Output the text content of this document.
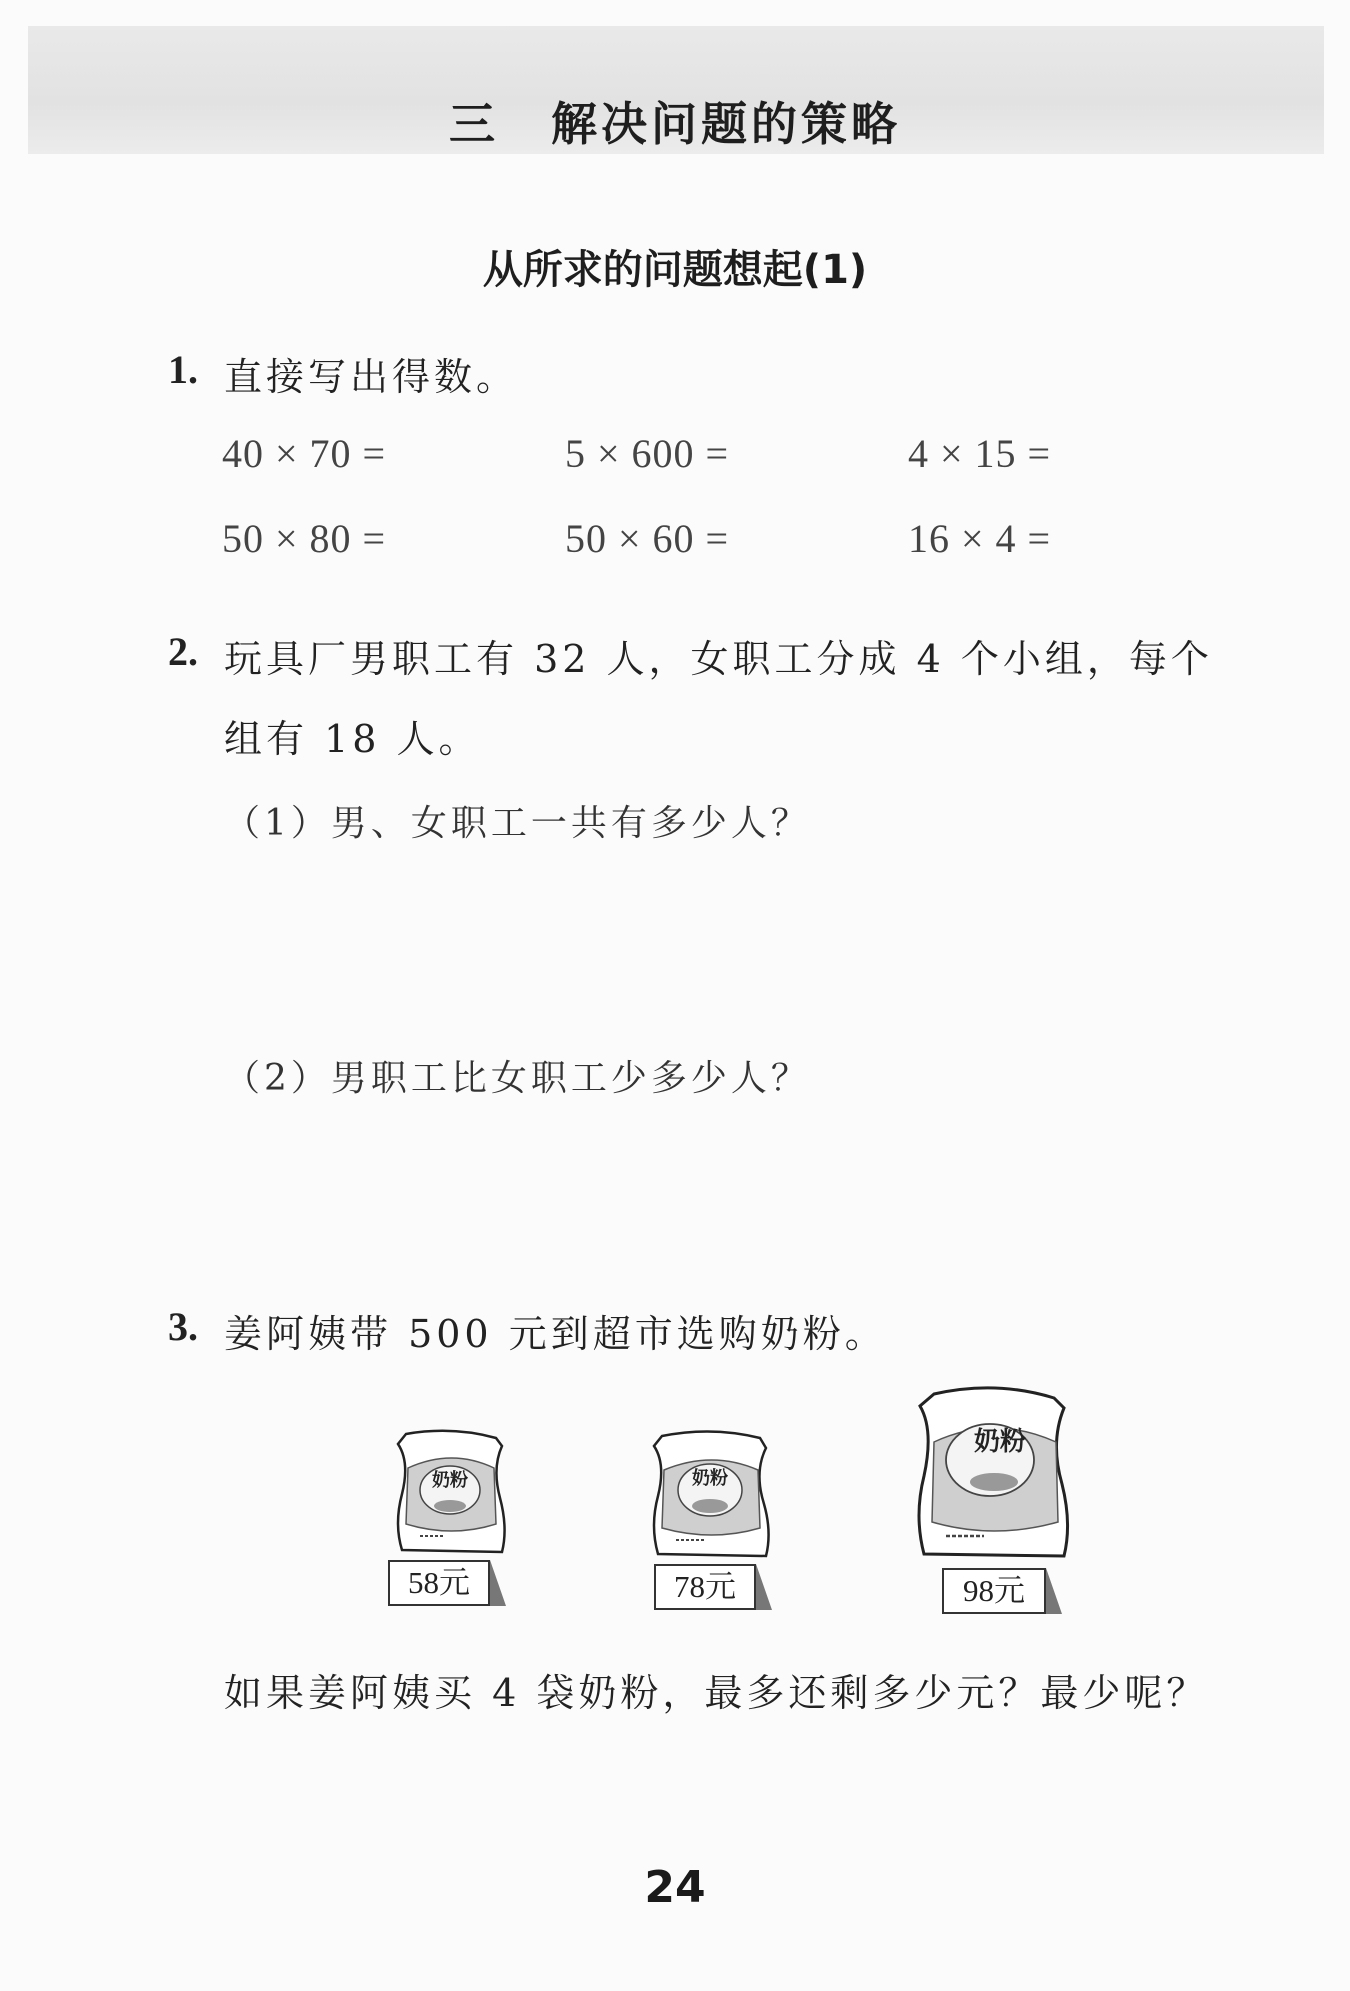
三 解决问题的策略
从所求的问题想起(1)
1. 直接写出得数。
40 × 70 =	5 × 600 =	4 × 15 =
50 × 80 =	50 × 60 =	16 × 4 =
2. 玩具厂男职工有 32 人，女职工分成 4 个小组，每个
组有 18 人。
（1）男、女职工一共有多少人？
（2）男职工比女职工少多少人？
3. 姜阿姨带 500 元到超市选购奶粉。
奶粉
58元
奶粉
78元
奶粉
98元
如果姜阿姨买 4 袋奶粉，最多还剩多少元？最少呢？
24
